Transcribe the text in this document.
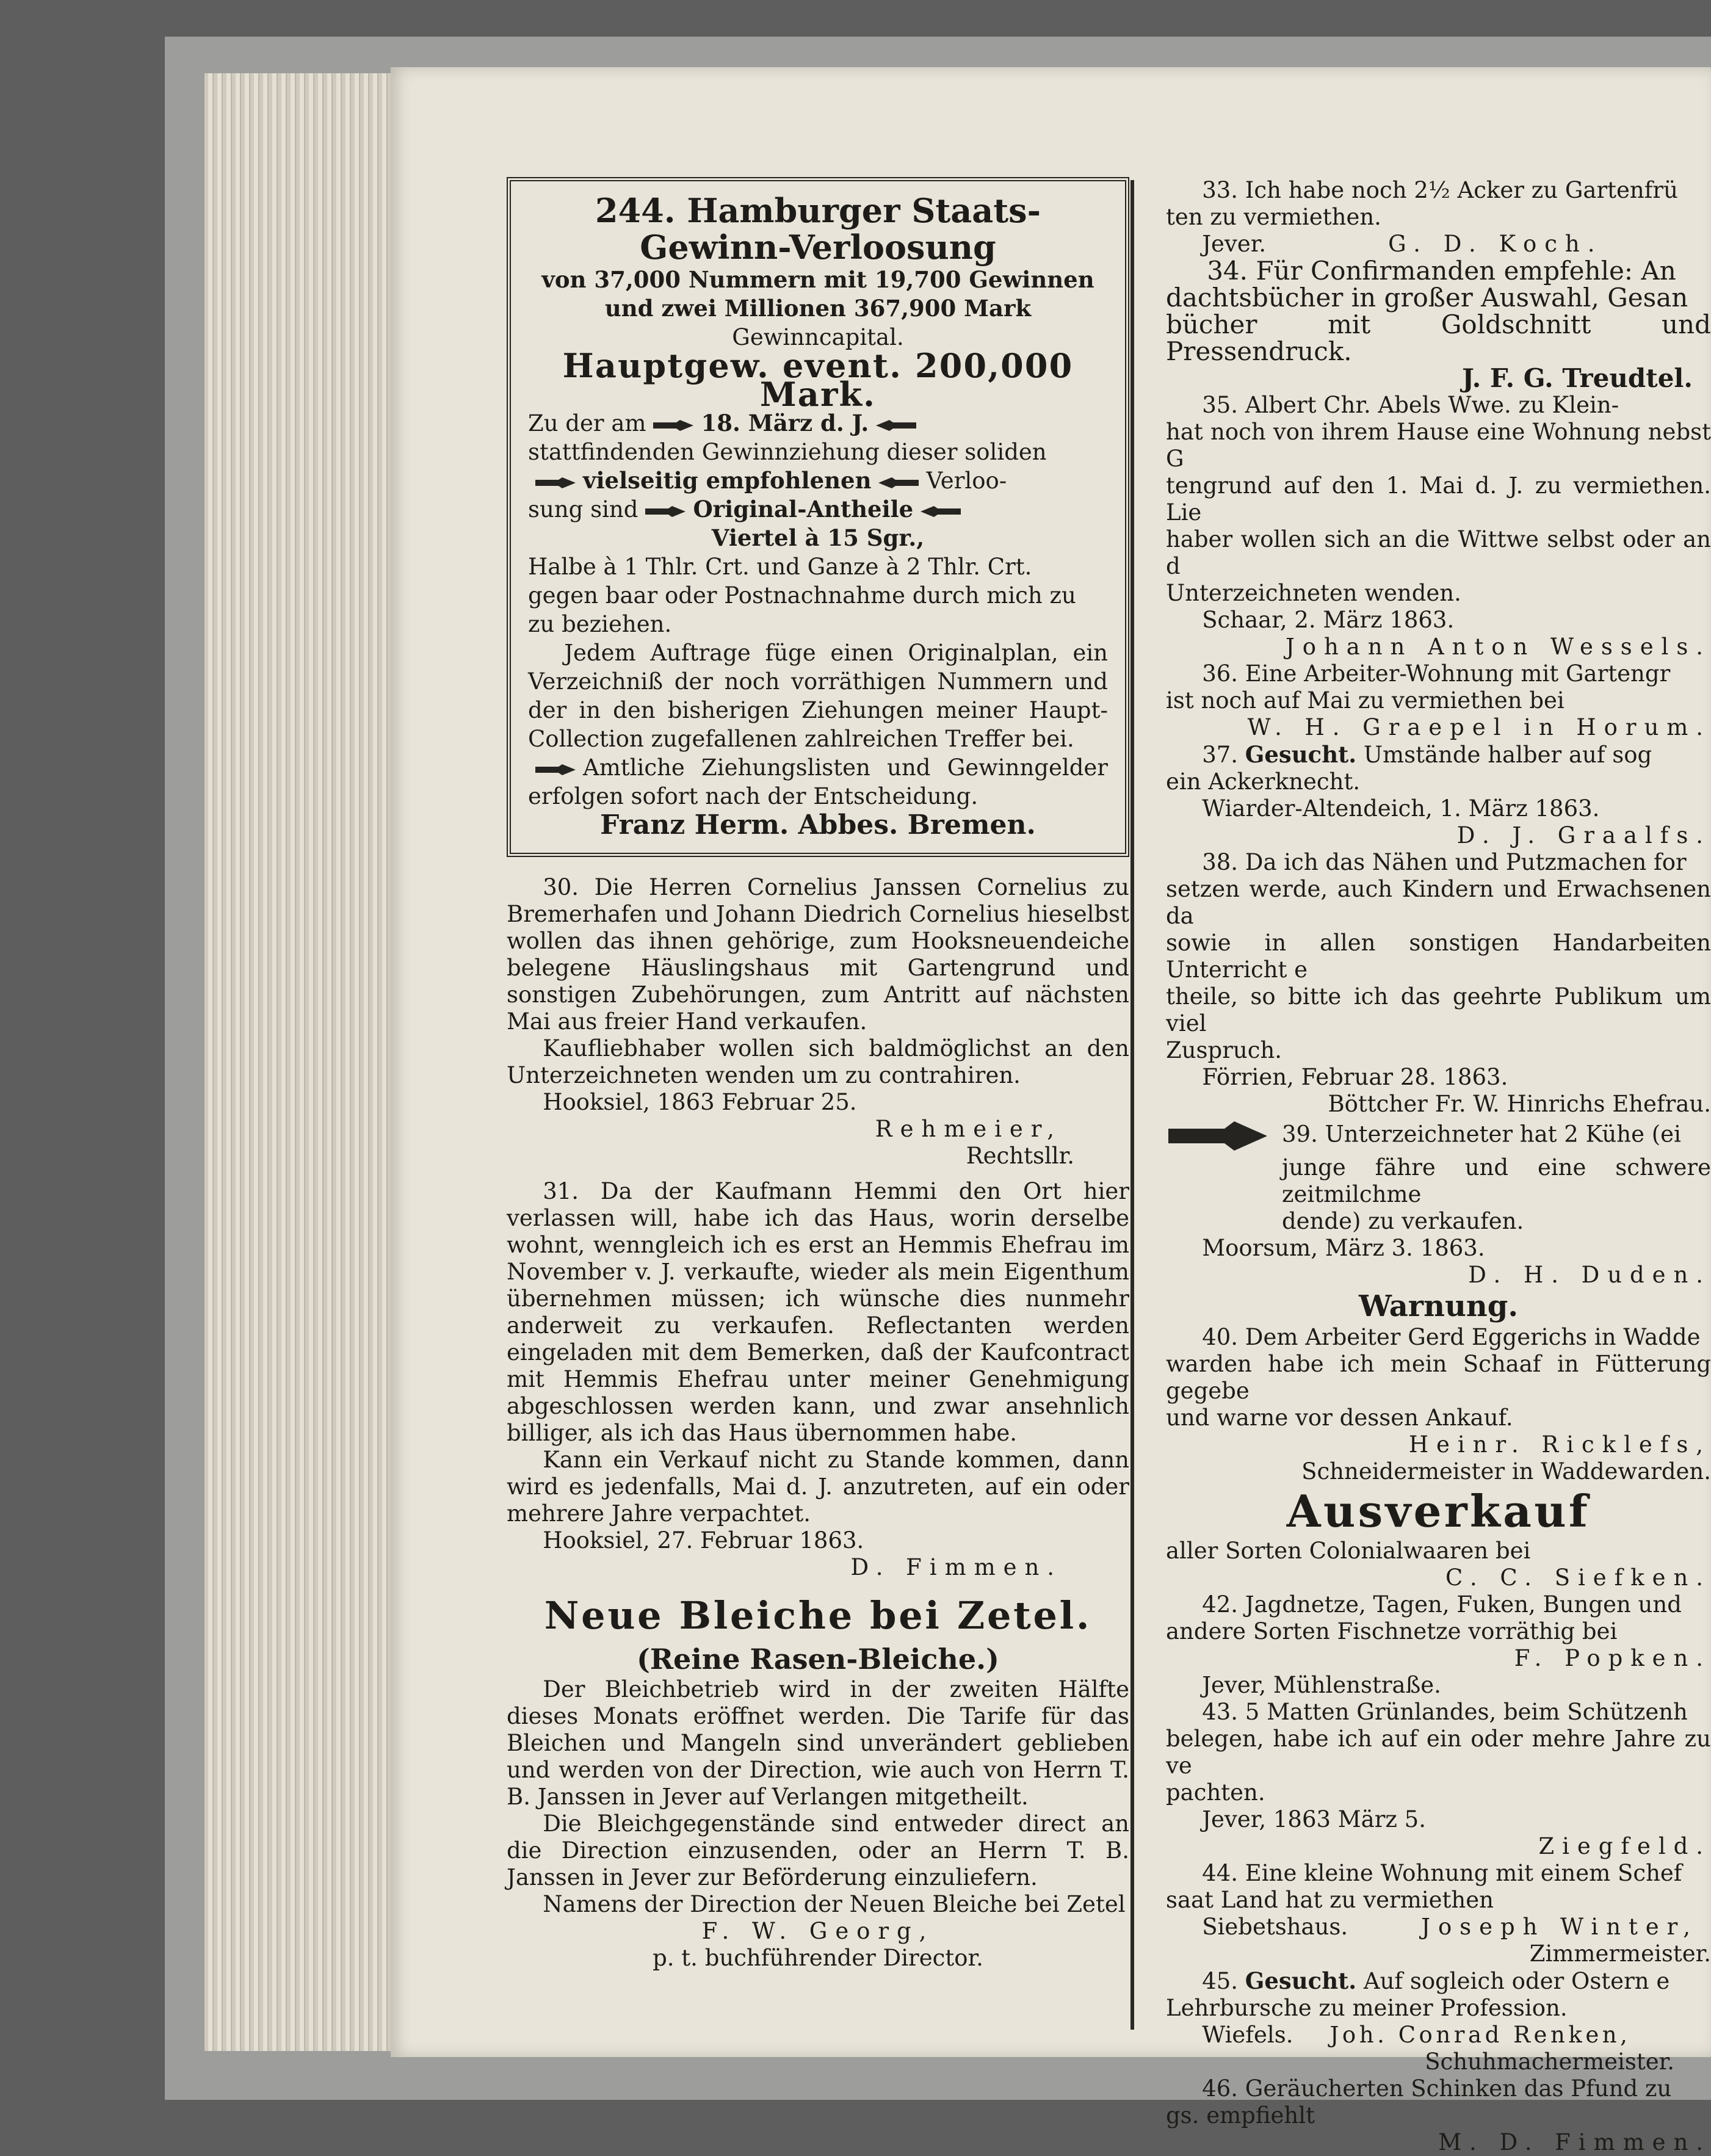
244. Hamburger Staats-
Gewinn-Verloosung

von 37,000 Nummern mit 19,700 Gewinnen

und zwei Millionen 367,900 Mark

Gewinncapital.

Hauptgew. event. 200,000 Mark.

Zu der am 18. März d. J.

stattfindenden Gewinnziehung dieser soliden

vielseitig empfohlenen Verloo-

sung sind Original-Antheile

Viertel à 15 Sgr.,

Halbe à 1 Thlr. Crt. und Ganze à 2 Thlr. Crt.

gegen baar oder Postnachnahme durch mich zu

zu beziehen.

Jedem Auftrage füge einen Originalplan, ein Verzeichniß der noch vorräthigen Nummern und der in den bisherigen Ziehungen meiner Haupt-Collection zugefallenen zahlreichen Treffer bei.

Amtliche Ziehungslisten und Gewinngelder erfolgen sofort nach der Entscheidung.

Franz Herm. Abbes. Bremen.

30. Die Herren Cornelius Janssen Cornelius zu Bremerhafen und Johann Diedrich Cornelius hieselbst wollen das ihnen gehörige, zum Hooksneuendeiche belegene Häuslingshaus mit Gartengrund und sonstigen Zubehörungen, zum Antritt auf nächsten Mai aus freier Hand verkaufen.

Kaufliebhaber wollen sich baldmöglichst an den Unterzeichneten wenden um zu contrahiren.

Hooksiel, 1863 Februar 25.

Rehmeier,

Rechtsllr.

31. Da der Kaufmann Hemmi den Ort hier verlassen will, habe ich das Haus, worin derselbe wohnt, wenngleich ich es erst an Hemmis Ehefrau im November v. J. verkaufte, wieder als mein Eigenthum übernehmen müssen; ich wünsche dies nunmehr anderweit zu verkaufen. Reflectanten werden eingeladen mit dem Bemerken, daß der Kaufcontract mit Hemmis Ehefrau unter meiner Genehmigung abgeschlossen werden kann, und zwar ansehnlich billiger, als ich das Haus übernommen habe.

Kann ein Verkauf nicht zu Stande kommen, dann wird es jedenfalls, Mai d. J. anzutreten, auf ein oder mehrere Jahre verpachtet.

Hooksiel, 27. Februar 1863.

D. Fimmen.

Neue Bleiche bei Zetel.

(Reine Rasen-Bleiche.)

Der Bleichbetrieb wird in der zweiten Hälfte dieses Monats eröffnet werden. Die Tarife für das Bleichen und Mangeln sind unverändert geblieben und werden von der Direction, wie auch von Herrn T. B. Janssen in Jever auf Verlangen mitgetheilt.

Die Bleichgegenstände sind entweder direct an die Direction einzusenden, oder an Herrn T. B. Janssen in Jever zur Beförderung einzuliefern.

Namens der Direction der Neuen Bleiche bei Zetel

F. W. Georg,

p. t. buchführender Director.

33. Ich habe noch 2½ Acker zu Gartenfrü

ten zu vermiethen.

Jever.	G. D. Koch.

34. Für Confirmanden empfehle: An

dachtsbücher in großer Auswahl, Gesan

bücher mit Goldschnitt und Pressendruck.

J. F. G. Treudtel.

35. Albert Chr. Abels Wwe. zu Klein-

hat noch von ihrem Hause eine Wohnung nebst G

tengrund auf den 1. Mai d. J. zu vermiethen. Lie

haber wollen sich an die Wittwe selbst oder an d

Unterzeichneten wenden.

Schaar, 2. März 1863.

Johann Anton Wessels.

36. Eine Arbeiter-Wohnung mit Gartengr

ist noch auf Mai zu vermiethen bei

W. H. Graepel in Horum.

37. Gesucht. Umstände halber auf sog

ein Ackerknecht.

Wiarder-Altendeich, 1. März 1863.

D. J. Graalfs.

38. Da ich das Nähen und Putzmachen for

setzen werde, auch Kindern und Erwachsenen da

sowie in allen sonstigen Handarbeiten Unterricht e

theile, so bitte ich das geehrte Publikum um viel

Zuspruch.

Förrien, Februar 28. 1863.

Böttcher Fr. W. Hinrichs Ehefrau.

39. Unterzeichneter hat 2 Kühe (ei

junge fähre und eine schwere zeitmilchme

dende) zu verkaufen.

Moorsum, März 3. 1863.

D. H. Duden.

Warnung.

40. Dem Arbeiter Gerd Eggerichs in Wadde

warden habe ich mein Schaaf in Fütterung gegebe

und warne vor dessen Ankauf.

Heinr. Ricklefs,

Schneidermeister in Waddewarden.

Ausverkauf

aller Sorten Colonialwaaren bei

C. C. Siefken.

42. Jagdnetze, Tagen, Fuken, Bungen und

andere Sorten Fischnetze vorräthig bei

F. Popken.

Jever, Mühlenstraße.

43. 5 Matten Grünlandes, beim Schützenh

belegen, habe ich auf ein oder mehre Jahre zu ve

pachten.

Jever, 1863 März 5.

Ziegfeld.

44. Eine kleine Wohnung mit einem Schef

saat Land hat zu vermiethen

Siebetshaus.	Joseph Winter,

Zimmermeister.

45. Gesucht. Auf sogleich oder Ostern e

Lehrbursche zu meiner Profession.

Wiefels. Joh. Conrad Renken,

Schuhmachermeister.

46. Geräucherten Schinken das Pfund zu

gs. empfiehlt

M. D. Fimmen.
